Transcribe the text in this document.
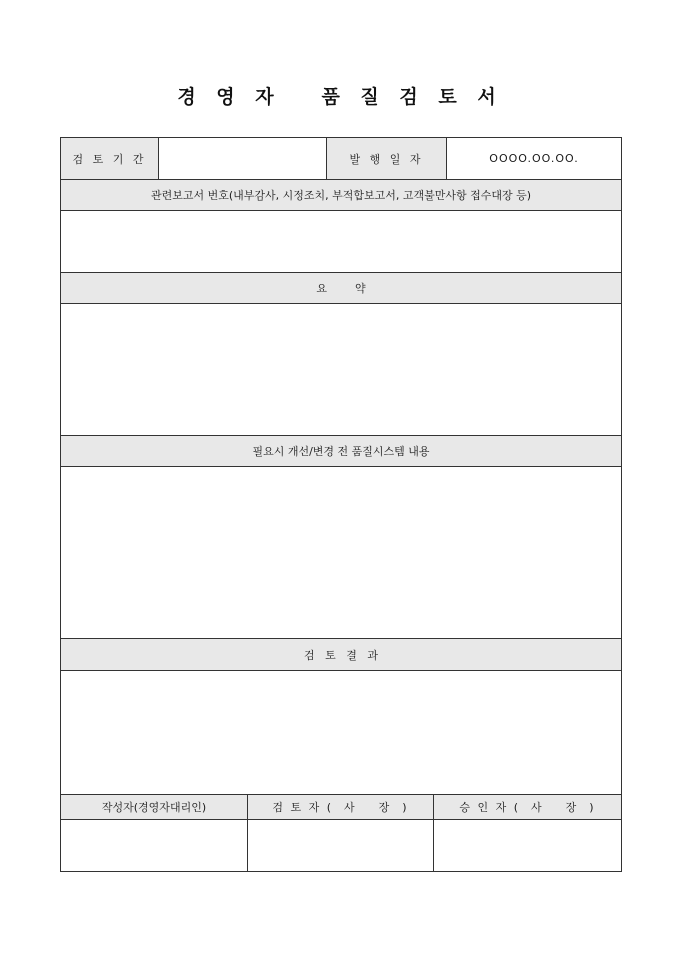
경 영 자   품 질 검 토 서
검 토 기 간		발 행 일 자	OOOO.OO.OO.
관련보고서 번호(내부감사, 시정조치, 부적합보고서, 고객불만사항 접수대장 등)

요        약

필요시 개선/변경 전 품질시스템 내용

검   토   결   과

작성자(경영자대리인)	검 토 자 (  사    장  )	승 인 자 (  사    장  )
